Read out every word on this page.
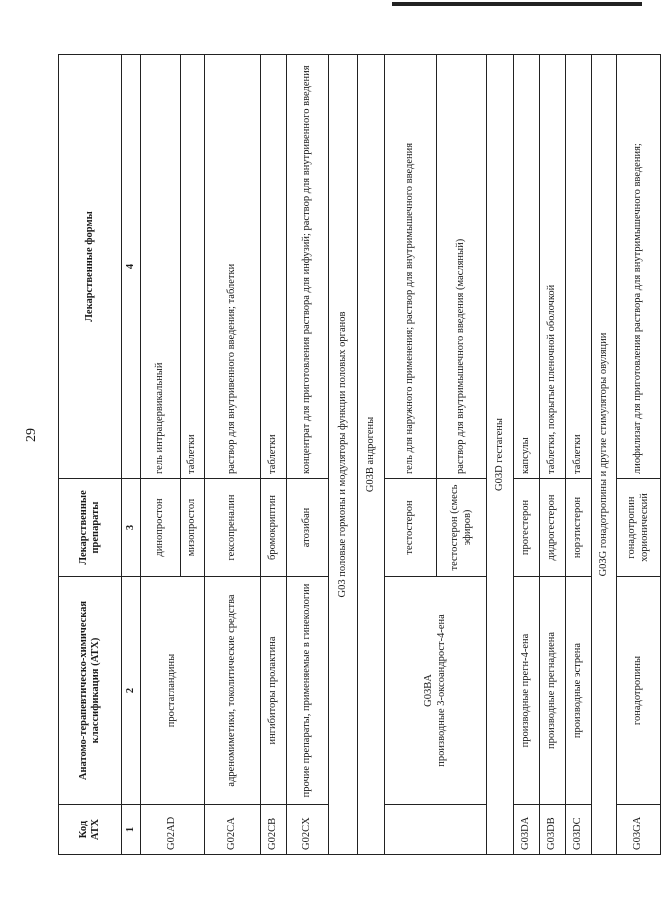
29
Код АТХ	Анатомо-терапевтическо-химическая классификация (АТХ)	Лекарственные препараты	Лекарственные формы
1	2	3	4
G02AD	простагландины	динопростон	гель интрацервикальный
		мизопростол	таблетки
G02CA	адреномиметики, токолитические средства	гексопреналин	раствор для внутривенного введения; таблетки
G02CB	ингибиторы пролактина	бромокриптин	таблетки
G02CX	прочие препараты, применяемые в гинекологии	атозибан	концентрат для приготовления раствора для инфузий; раствор для внутривенного введения
G03 половые гормоны и модуляторы функции половых органов			
G03B андрогены			

	G03BA производные 3-оксоандрост-4-ена	тестостерон	гель для наружного применения; раствор для внутримышечного введения
		тестостерон (смесь эфиров)	раствор для внутримышечного введения (масляный)
G03D гестагены			
G03DA	производные прегн-4-ена	прогестерон	капсулы
G03DB	производные прегнадиена	дидрогестерон	таблетки, покрытые пленочной оболочкой
G03DC	производные эстрена	норэтистерон	таблетки
G03G гонадотропины и другие стимуляторы овуляции			
G03GA	гонадотропины	гонадотропин хорионический	лиофилизат для приготовления раствора для внутримышечного введения;
